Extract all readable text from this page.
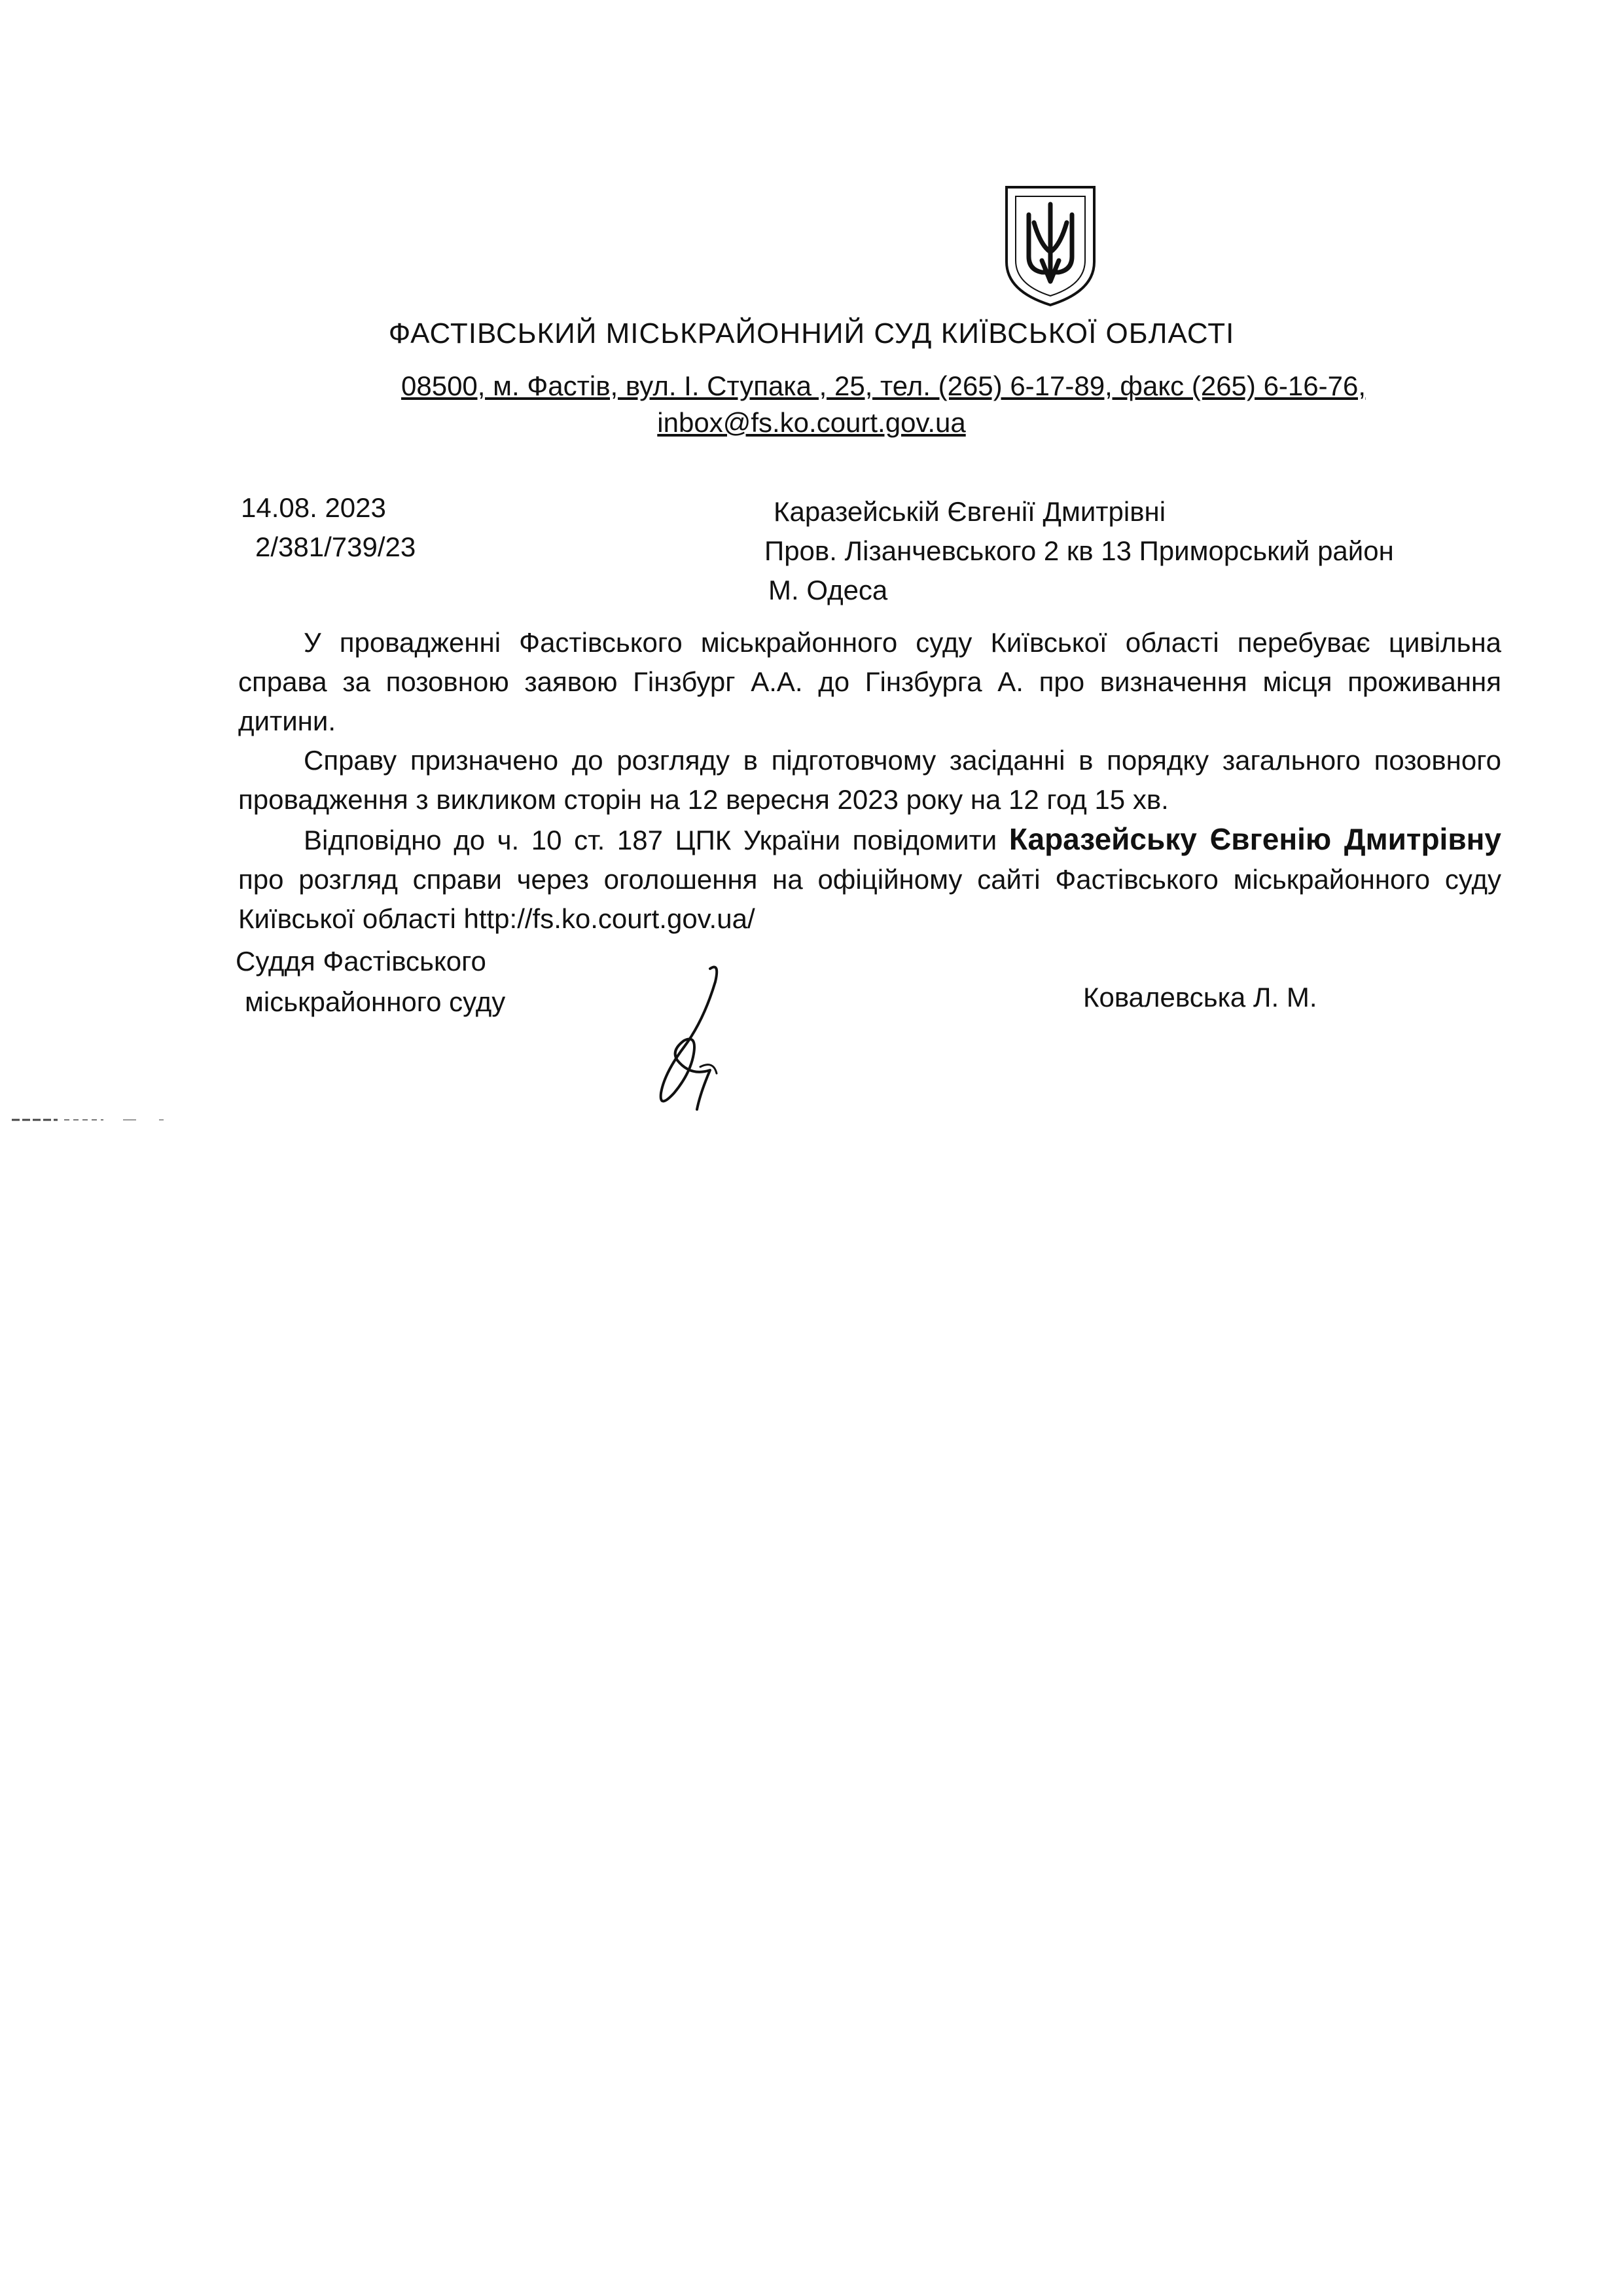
ФАСТІВСЬКИЙ МІСЬКРАЙОННИЙ СУД КИЇВСЬКОЇ ОБЛАСТІ
08500, м. Фастів, вул. І. Ступака , 25, тел. (265) 6-17-89, факс (265) 6-16-76,
inbox@fs.ko.court.gov.ua
14.08. 2023
2/381/739/23
Каразейській Євгенії Дмитрівні
Пров. Лізанчевського 2 кв 13 Приморський район
М. Одеса

У провадженні Фастівського міськрайонного суду Київської області перебуває цивільна справа за позовною заявою Гінзбург А.А. до Гінзбурга А. про визначення місця проживання дитини.

Справу призначено до розгляду в підготовчому засіданні в порядку загального позовного провадження з викликом сторін на 12 вересня 2023 року на 12 год 15 хв.

Відповідно до ч. 10 ст. 187 ЦПК України повідомити Каразейську Євгенію Дмитрівну про розгляд справи через оголошення на офіційному сайті Фастівського міськрайонного суду Київської області http://fs.ko.court.gov.ua/

Суддя Фастівського
міськрайонного суду	Ковалевська Л. М.
